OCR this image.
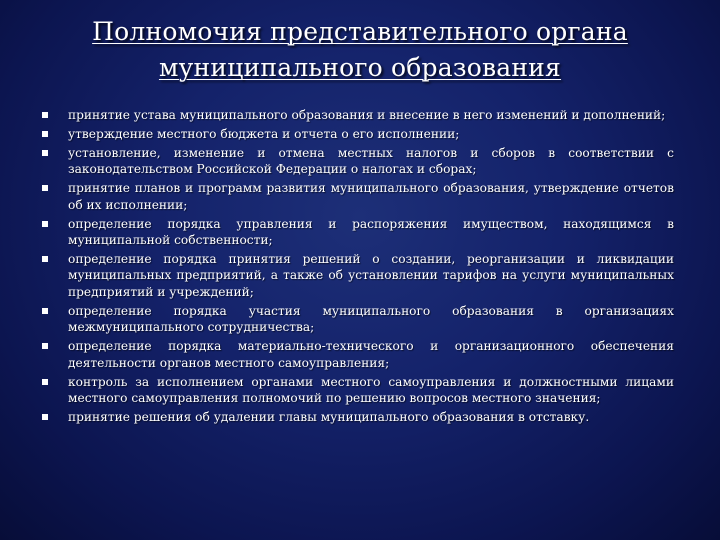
Полномочия представительного органа
муниципального образования
принятие устава муниципального образования и внесение в него изменений и дополнений;
утверждение местного бюджета и отчета о его исполнении;
установление, изменение и отмена местных налогов и сборов в соответствии с законодательством Российской Федерации о налогах и сборах;
принятие планов и программ развития муниципального образования, утверждение отчетов об их исполнении;
определение порядка управления и распоряжения имуществом, находящимся в муниципальной собственности;
определение порядка принятия решений о создании, реорганизации и ликвидации муниципальных предприятий, а также об установлении тарифов на услуги муниципальных предприятий и учреждений;
определение порядка участия муниципального образования в организациях межмуниципального сотрудничества;
определение порядка материально-технического и организационного обеспечения деятельности органов местного самоуправления;
контроль за исполнением органами местного самоуправления и должностными лицами местного самоуправления полномочий по решению вопросов местного значения;
принятие решения об удалении главы муниципального образования в отставку.
